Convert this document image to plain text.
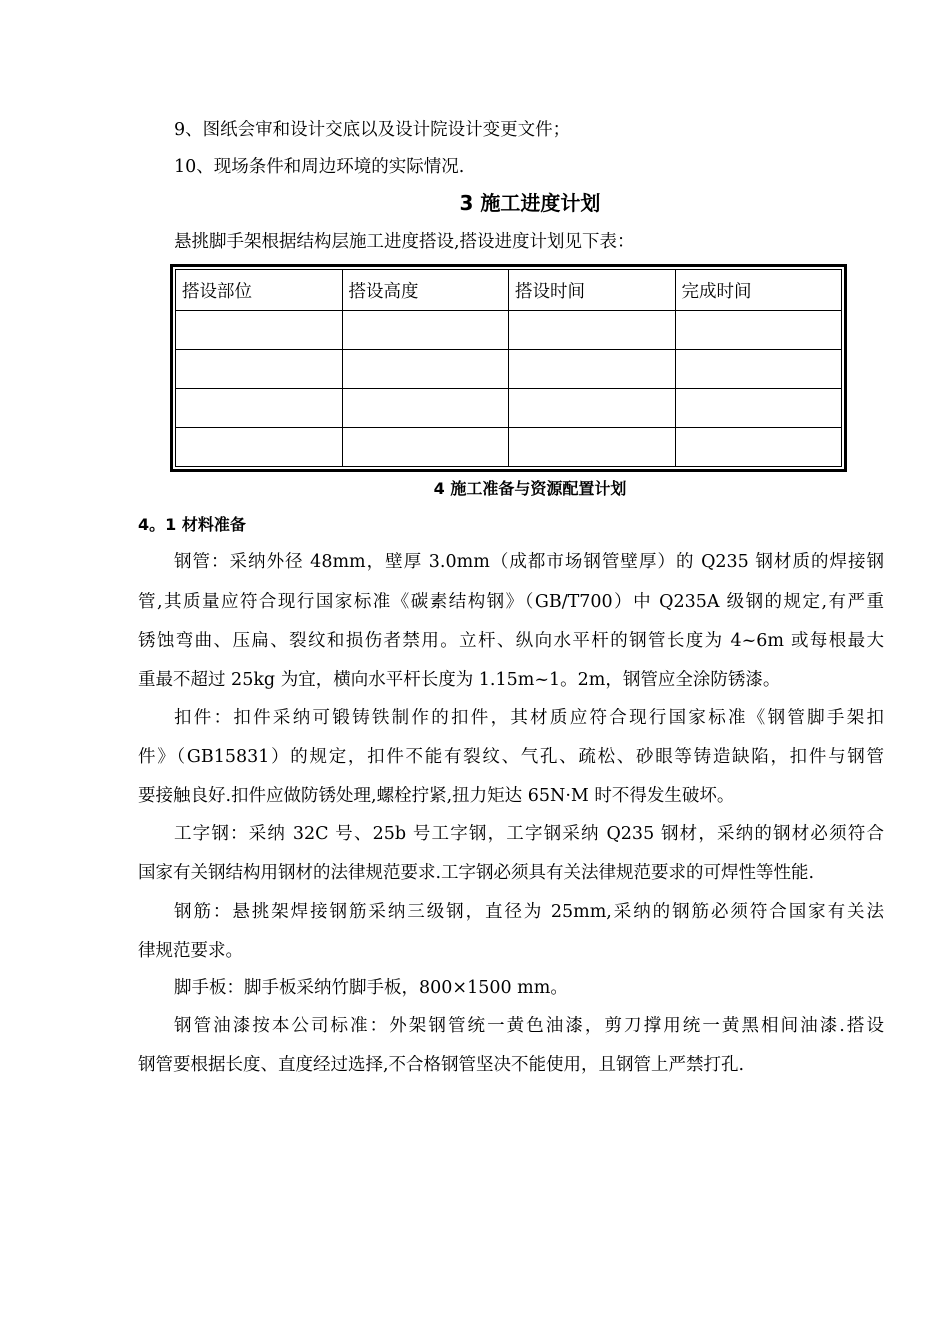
9、图纸会审和设计交底以及设计院设计变更文件；
10、现场条件和周边环境的实际情况.
3 施工进度计划
悬挑脚手架根据结构层施工进度搭设,搭设进度计划见下表：
搭设部位	搭设高度	搭设时间	完成时间

4 施工准备与资源配置计划
4。1 材料准备
钢管：采纳外径 48mm，壁厚 3.0mm（成都市场钢管壁厚）的 Q235 钢材质的焊接钢
管,其质量应符合现行国家标准《碳素结构钢》（GB/T700）中 Q235A 级钢的规定,有严重
锈蚀弯曲、压扁、裂纹和损伤者禁用。立杆、纵向水平杆的钢管长度为 4~6m 或每根最大
重最不超过 25kg 为宜，横向水平杆长度为 1.15m~1。2m，钢管应全涂防锈漆。
扣件：扣件采纳可锻铸铁制作的扣件，其材质应符合现行国家标准《钢管脚手架扣
件》（GB15831）的规定，扣件不能有裂纹、气孔、疏松、砂眼等铸造缺陷，扣件与钢管
要接触良好.扣件应做防锈处理,螺栓拧紧,扭力矩达 65N·M 时不得发生破坏。
工字钢：采纳 32C 号、25b 号工字钢，工字钢采纳 Q235 钢材，采纳的钢材必须符合
国家有关钢结构用钢材的法律规范要求.工字钢必须具有关法律规范要求的可焊性等性能.
钢筋：悬挑架焊接钢筋采纳三级钢，直径为 25mm,采纳的钢筋必须符合国家有关法
律规范要求。
脚手板：脚手板采纳竹脚手板，800×1500 mm。
钢管油漆按本公司标准：外架钢管统一黄色油漆，剪刀撑用统一黄黑相间油漆.搭设
钢管要根据长度、直度经过选择,不合格钢管坚决不能使用，且钢管上严禁打孔.
